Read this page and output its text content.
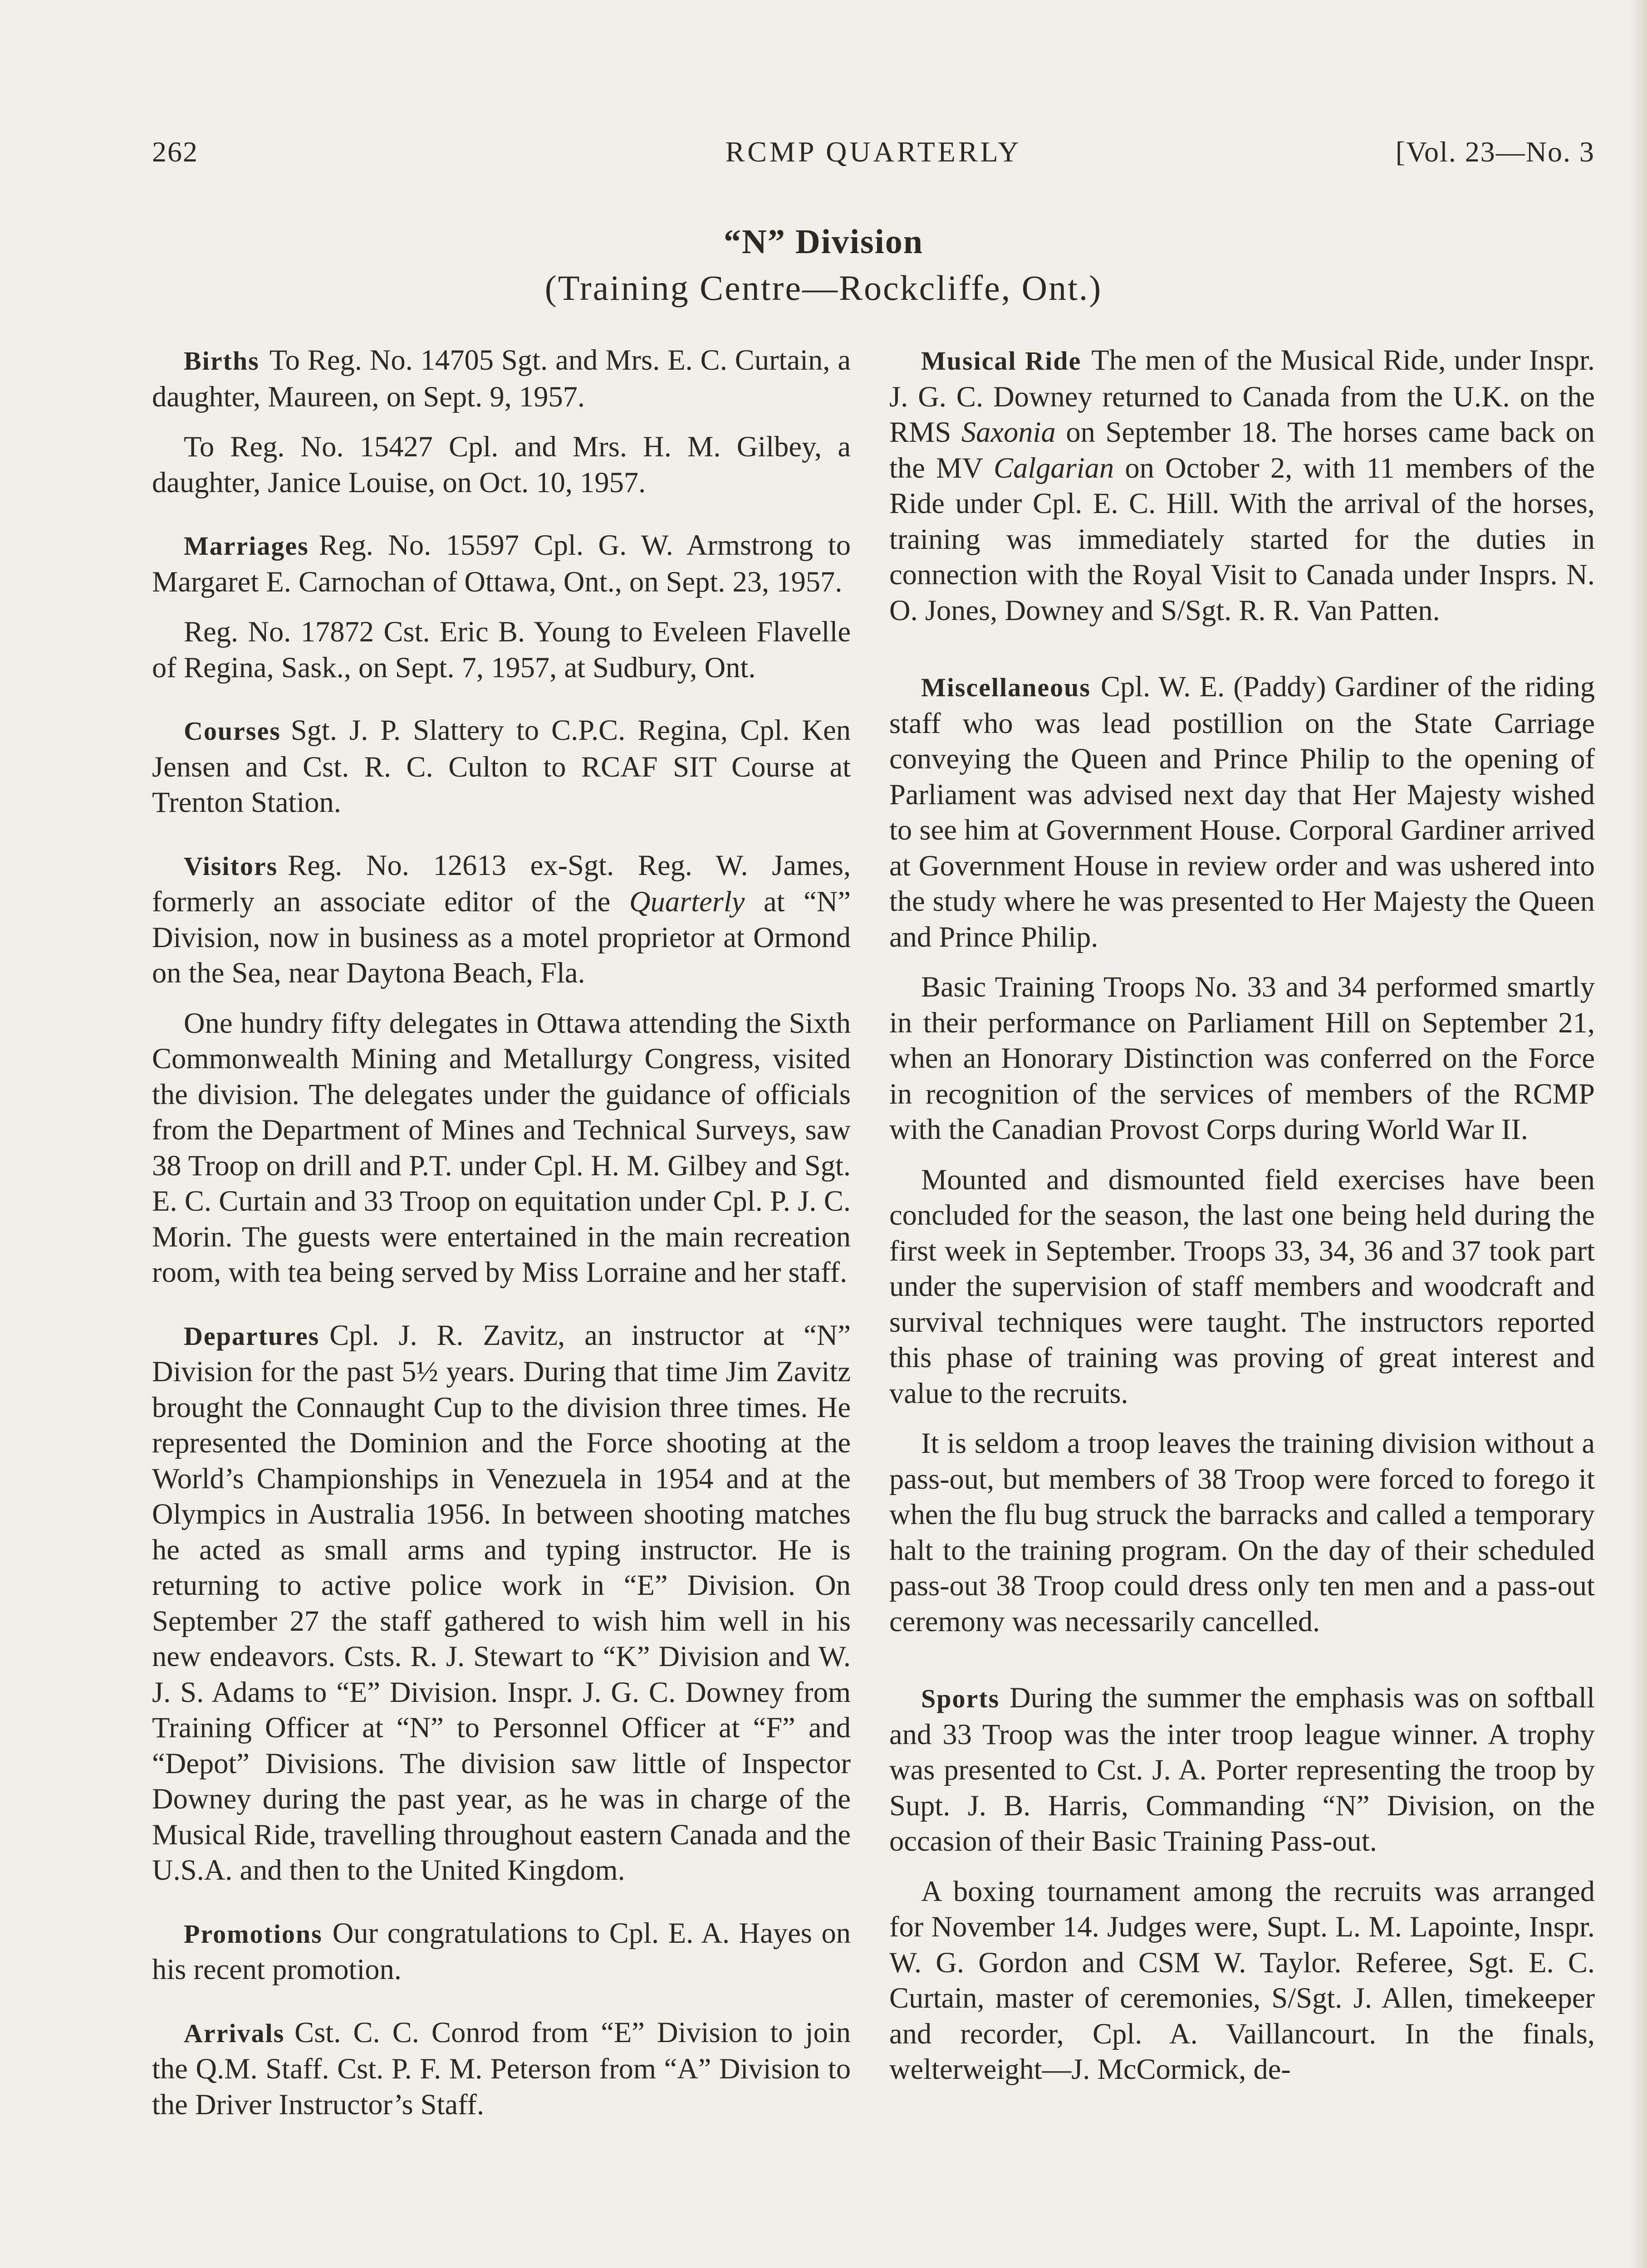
262	RCMP QUARTERLY	[Vol. 23—No. 3
“N” Division
(Training Centre—Rockcliffe, Ont.)

Births To Reg. No. 14705 Sgt. and Mrs. E. C. Curtain, a daughter, Maureen, on Sept. 9, 1957.

To Reg. No. 15427 Cpl. and Mrs. H. M. Gilbey, a daughter, Janice Louise, on Oct. 10, 1957.

Marriages Reg. No. 15597 Cpl. G. W. Armstrong to Margaret E. Carnochan of Ottawa, Ont., on Sept. 23, 1957.

Reg. No. 17872 Cst. Eric B. Young to Eveleen Flavelle of Regina, Sask., on Sept. 7, 1957, at Sudbury, Ont.

Courses Sgt. J. P. Slattery to C.P.C. Regina, Cpl. Ken Jensen and Cst. R. C. Culton to RCAF SIT Course at Trenton Station.

Visitors Reg. No. 12613 ex-Sgt. Reg. W. James, formerly an associate editor of the Quarterly at “N” Division, now in business as a motel proprietor at Ormond on the Sea, near Daytona Beach, Fla.

One hundry fifty delegates in Ottawa attending the Sixth Commonwealth Mining and Metallurgy Congress, visited the division. The delegates under the guidance of officials from the Department of Mines and Technical Surveys, saw 38 Troop on drill and P.T. under Cpl. H. M. Gilbey and Sgt. E. C. Curtain and 33 Troop on equitation under Cpl. P. J. C. Morin. The guests were entertained in the main recreation room, with tea being served by Miss Lorraine and her staff.

Departures Cpl. J. R. Zavitz, an instructor at “N” Division for the past 5½ years. During that time Jim Zavitz brought the Connaught Cup to the division three times. He represented the Dominion and the Force shooting at the World’s Championships in Venezuela in 1954 and at the Olympics in Australia 1956. In between shooting matches he acted as small arms and typing instructor. He is returning to active police work in “E” Division. On September 27 the staff gathered to wish him well in his new endeavors. Csts. R. J. Stewart to “K” Division and W. J. S. Adams to “E” Division. Inspr. J. G. C. Downey from Training Officer at “N” to Personnel Officer at “F” and “Depot” Divisions. The division saw little of Inspector Downey during the past year, as he was in charge of the Musical Ride, travelling throughout eastern Canada and the U.S.A. and then to the United Kingdom.

Promotions Our congratulations to Cpl. E. A. Hayes on his recent promotion.

Arrivals Cst. C. C. Conrod from “E” Division to join the Q.M. Staff. Cst. P. F. M. Peterson from “A” Division to the Driver Instructor’s Staff.

Musical Ride The men of the Musical Ride, under Inspr. J. G. C. Downey returned to Canada from the U.K. on the RMS Saxonia on September 18. The horses came back on the MV Calgarian on October 2, with 11 members of the Ride under Cpl. E. C. Hill. With the arrival of the horses, training was immediately started for the duties in connection with the Royal Visit to Canada under Insprs. N. O. Jones, Downey and S/Sgt. R. R. Van Patten.

Miscellaneous Cpl. W. E. (Paddy) Gardiner of the riding staff who was lead postillion on the State Carriage conveying the Queen and Prince Philip to the opening of Parliament was advised next day that Her Majesty wished to see him at Government House. Corporal Gardiner arrived at Government House in review order and was ushered into the study where he was presented to Her Majesty the Queen and Prince Philip.

Basic Training Troops No. 33 and 34 performed smartly in their performance on Parliament Hill on September 21, when an Honorary Distinction was conferred on the Force in recognition of the services of members of the RCMP with the Canadian Provost Corps during World War II.

Mounted and dismounted field exercises have been concluded for the season, the last one being held during the first week in September. Troops 33, 34, 36 and 37 took part under the supervision of staff members and woodcraft and survival techniques were taught. The instructors reported this phase of training was proving of great interest and value to the recruits.

It is seldom a troop leaves the training division without a pass-out, but members of 38 Troop were forced to forego it when the flu bug struck the barracks and called a temporary halt to the training program. On the day of their scheduled pass-out 38 Troop could dress only ten men and a pass-out ceremony was necessarily cancelled.

Sports During the summer the emphasis was on softball and 33 Troop was the inter troop league winner. A trophy was presented to Cst. J. A. Porter representing the troop by Supt. J. B. Harris, Commanding “N” Division, on the occasion of their Basic Training Pass-out.

A boxing tournament among the recruits was arranged for November 14. Judges were, Supt. L. M. Lapointe, Inspr. W. G. Gordon and CSM W. Taylor. Referee, Sgt. E. C. Curtain, master of ceremonies, S/Sgt. J. Allen, timekeeper and recorder, Cpl. A. Vaillancourt. In the finals, welterweight—J. McCormick, de-
